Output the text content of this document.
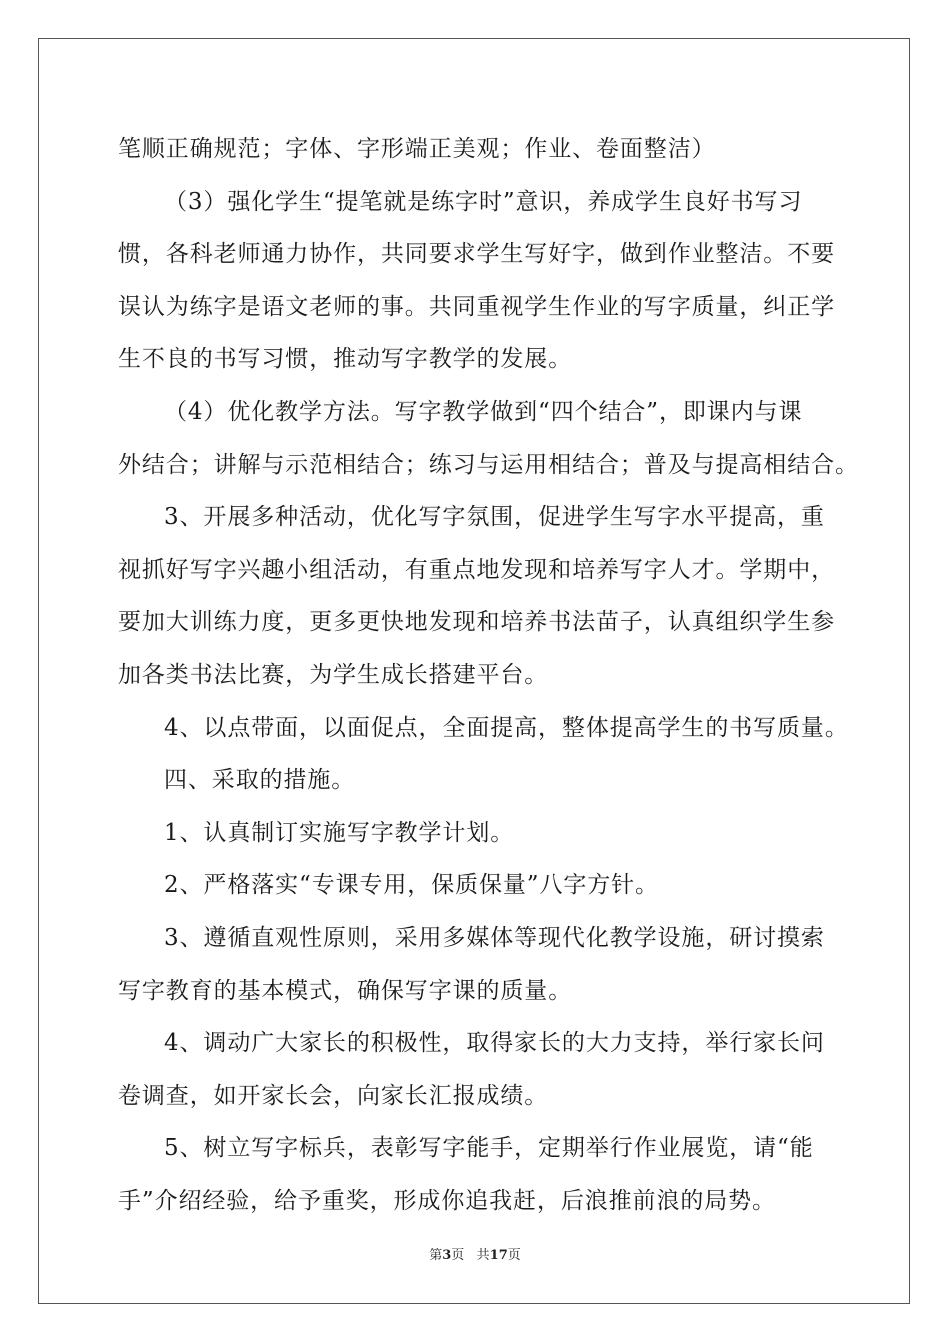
笔顺正确规范；字体、字形端正美观；作业、卷面整洁）
（3）强化学生“提笔就是练字时”意识，养成学生良好书写习
惯，各科老师通力协作，共同要求学生写好字，做到作业整洁。不要
误认为练字是语文老师的事。共同重视学生作业的写字质量，纠正学
生不良的书写习惯，推动写字教学的发展。
（4）优化教学方法。写字教学做到“四个结合”，即课内与课
外结合；讲解与示范相结合；练习与运用相结合；普及与提高相结合。
3、开展多种活动，优化写字氛围，促进学生写字水平提高，重
视抓好写字兴趣小组活动，有重点地发现和培养写字人才。学期中，
要加大训练力度，更多更快地发现和培养书法苗子，认真组织学生参
加各类书法比赛，为学生成长搭建平台。
4、以点带面，以面促点，全面提高，整体提高学生的书写质量。
四、采取的措施。
1、认真制订实施写字教学计划。
2、严格落实“专课专用，保质保量”八字方针。
3、遵循直观性原则，采用多媒体等现代化教学设施，研讨摸索
写字教育的基本模式，确保写字课的质量。
4、调动广大家长的积极性，取得家长的大力支持，举行家长问
卷调查，如开家长会，向家长汇报成绩。
5、树立写字标兵，表彰写字能手，定期举行作业展览，请“能
手”介绍经验，给予重奖，形成你追我赶，后浪推前浪的局势。
第3页 共17页
